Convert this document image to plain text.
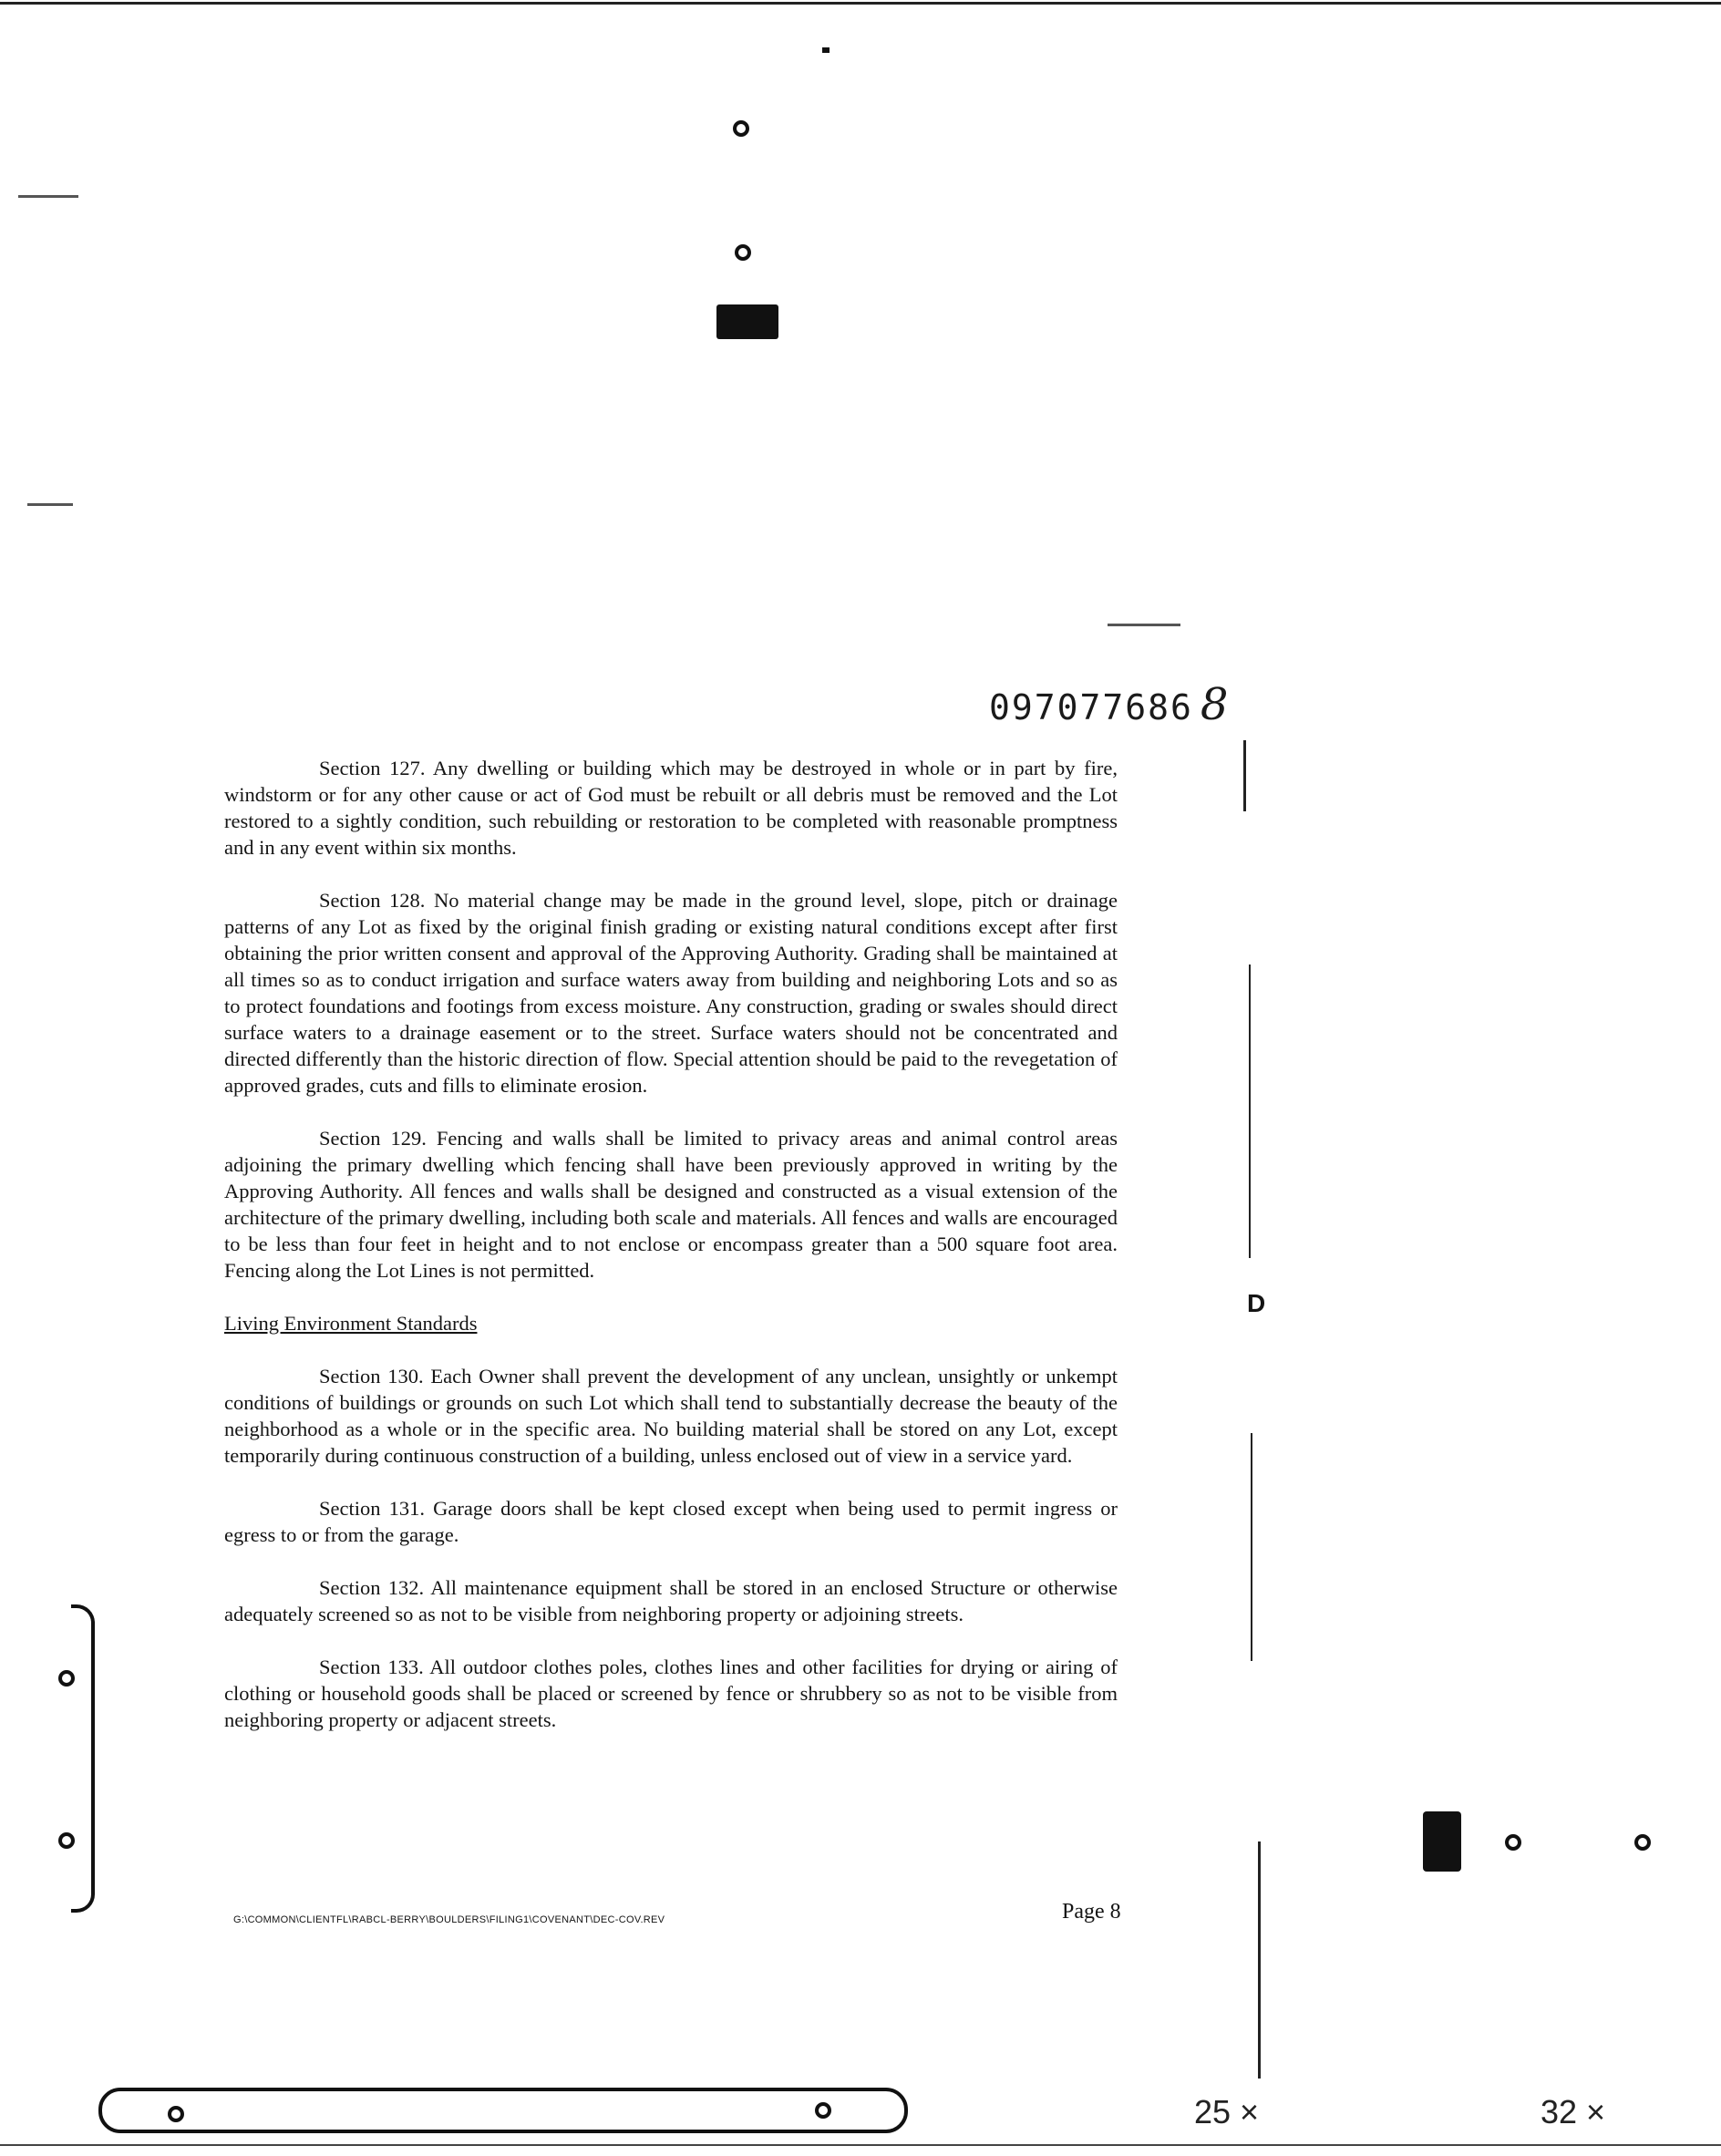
097077686 8

Section 127. Any dwelling or building which may be destroyed in whole or in part by fire, windstorm or for any other cause or act of God must be rebuilt or all debris must be removed and the Lot restored to a sightly condition, such rebuilding or restoration to be completed with reasonable promptness and in any event within six months.

Section 128. No material change may be made in the ground level, slope, pitch or drainage patterns of any Lot as fixed by the original finish grading or existing natural conditions except after first obtaining the prior written consent and approval of the Approving Authority. Grading shall be maintained at all times so as to conduct irrigation and surface waters away from building and neighboring Lots and so as to protect foundations and footings from excess moisture. Any construction, grading or swales should direct surface waters to a drainage easement or to the street. Surface waters should not be concentrated and directed differently than the historic direction of flow. Special attention should be paid to the revegetation of approved grades, cuts and fills to eliminate erosion.

Section 129. Fencing and walls shall be limited to privacy areas and animal control areas adjoining the primary dwelling which fencing shall have been previously approved in writing by the Approving Authority. All fences and walls shall be designed and constructed as a visual extension of the architecture of the primary dwelling, including both scale and materials. All fences and walls are encouraged to be less than four feet in height and to not enclose or encompass greater than a 500 square foot area. Fencing along the Lot Lines is not permitted.

Living Environment Standards

Section 130. Each Owner shall prevent the development of any unclean, unsightly or unkempt conditions of buildings or grounds on such Lot which shall tend to substantially decrease the beauty of the neighborhood as a whole or in the specific area. No building material shall be stored on any Lot, except temporarily during continuous construction of a building, unless enclosed out of view in a service yard.

Section 131. Garage doors shall be kept closed except when being used to permit ingress or egress to or from the garage.

Section 132. All maintenance equipment shall be stored in an enclosed Structure or otherwise adequately screened so as not to be visible from neighboring property or adjoining streets.

Section 133. All outdoor clothes poles, clothes lines and other facilities for drying or airing of clothing or household goods shall be placed or screened by fence or shrubbery so as not to be visible from neighboring property or adjacent streets.

D
G:\COMMON\CLIENTFL\RABCL-BERRY\BOULDERS\FILING1\COVENANT\DEC-COV.REV	Page 8
25 ×	32 ×
